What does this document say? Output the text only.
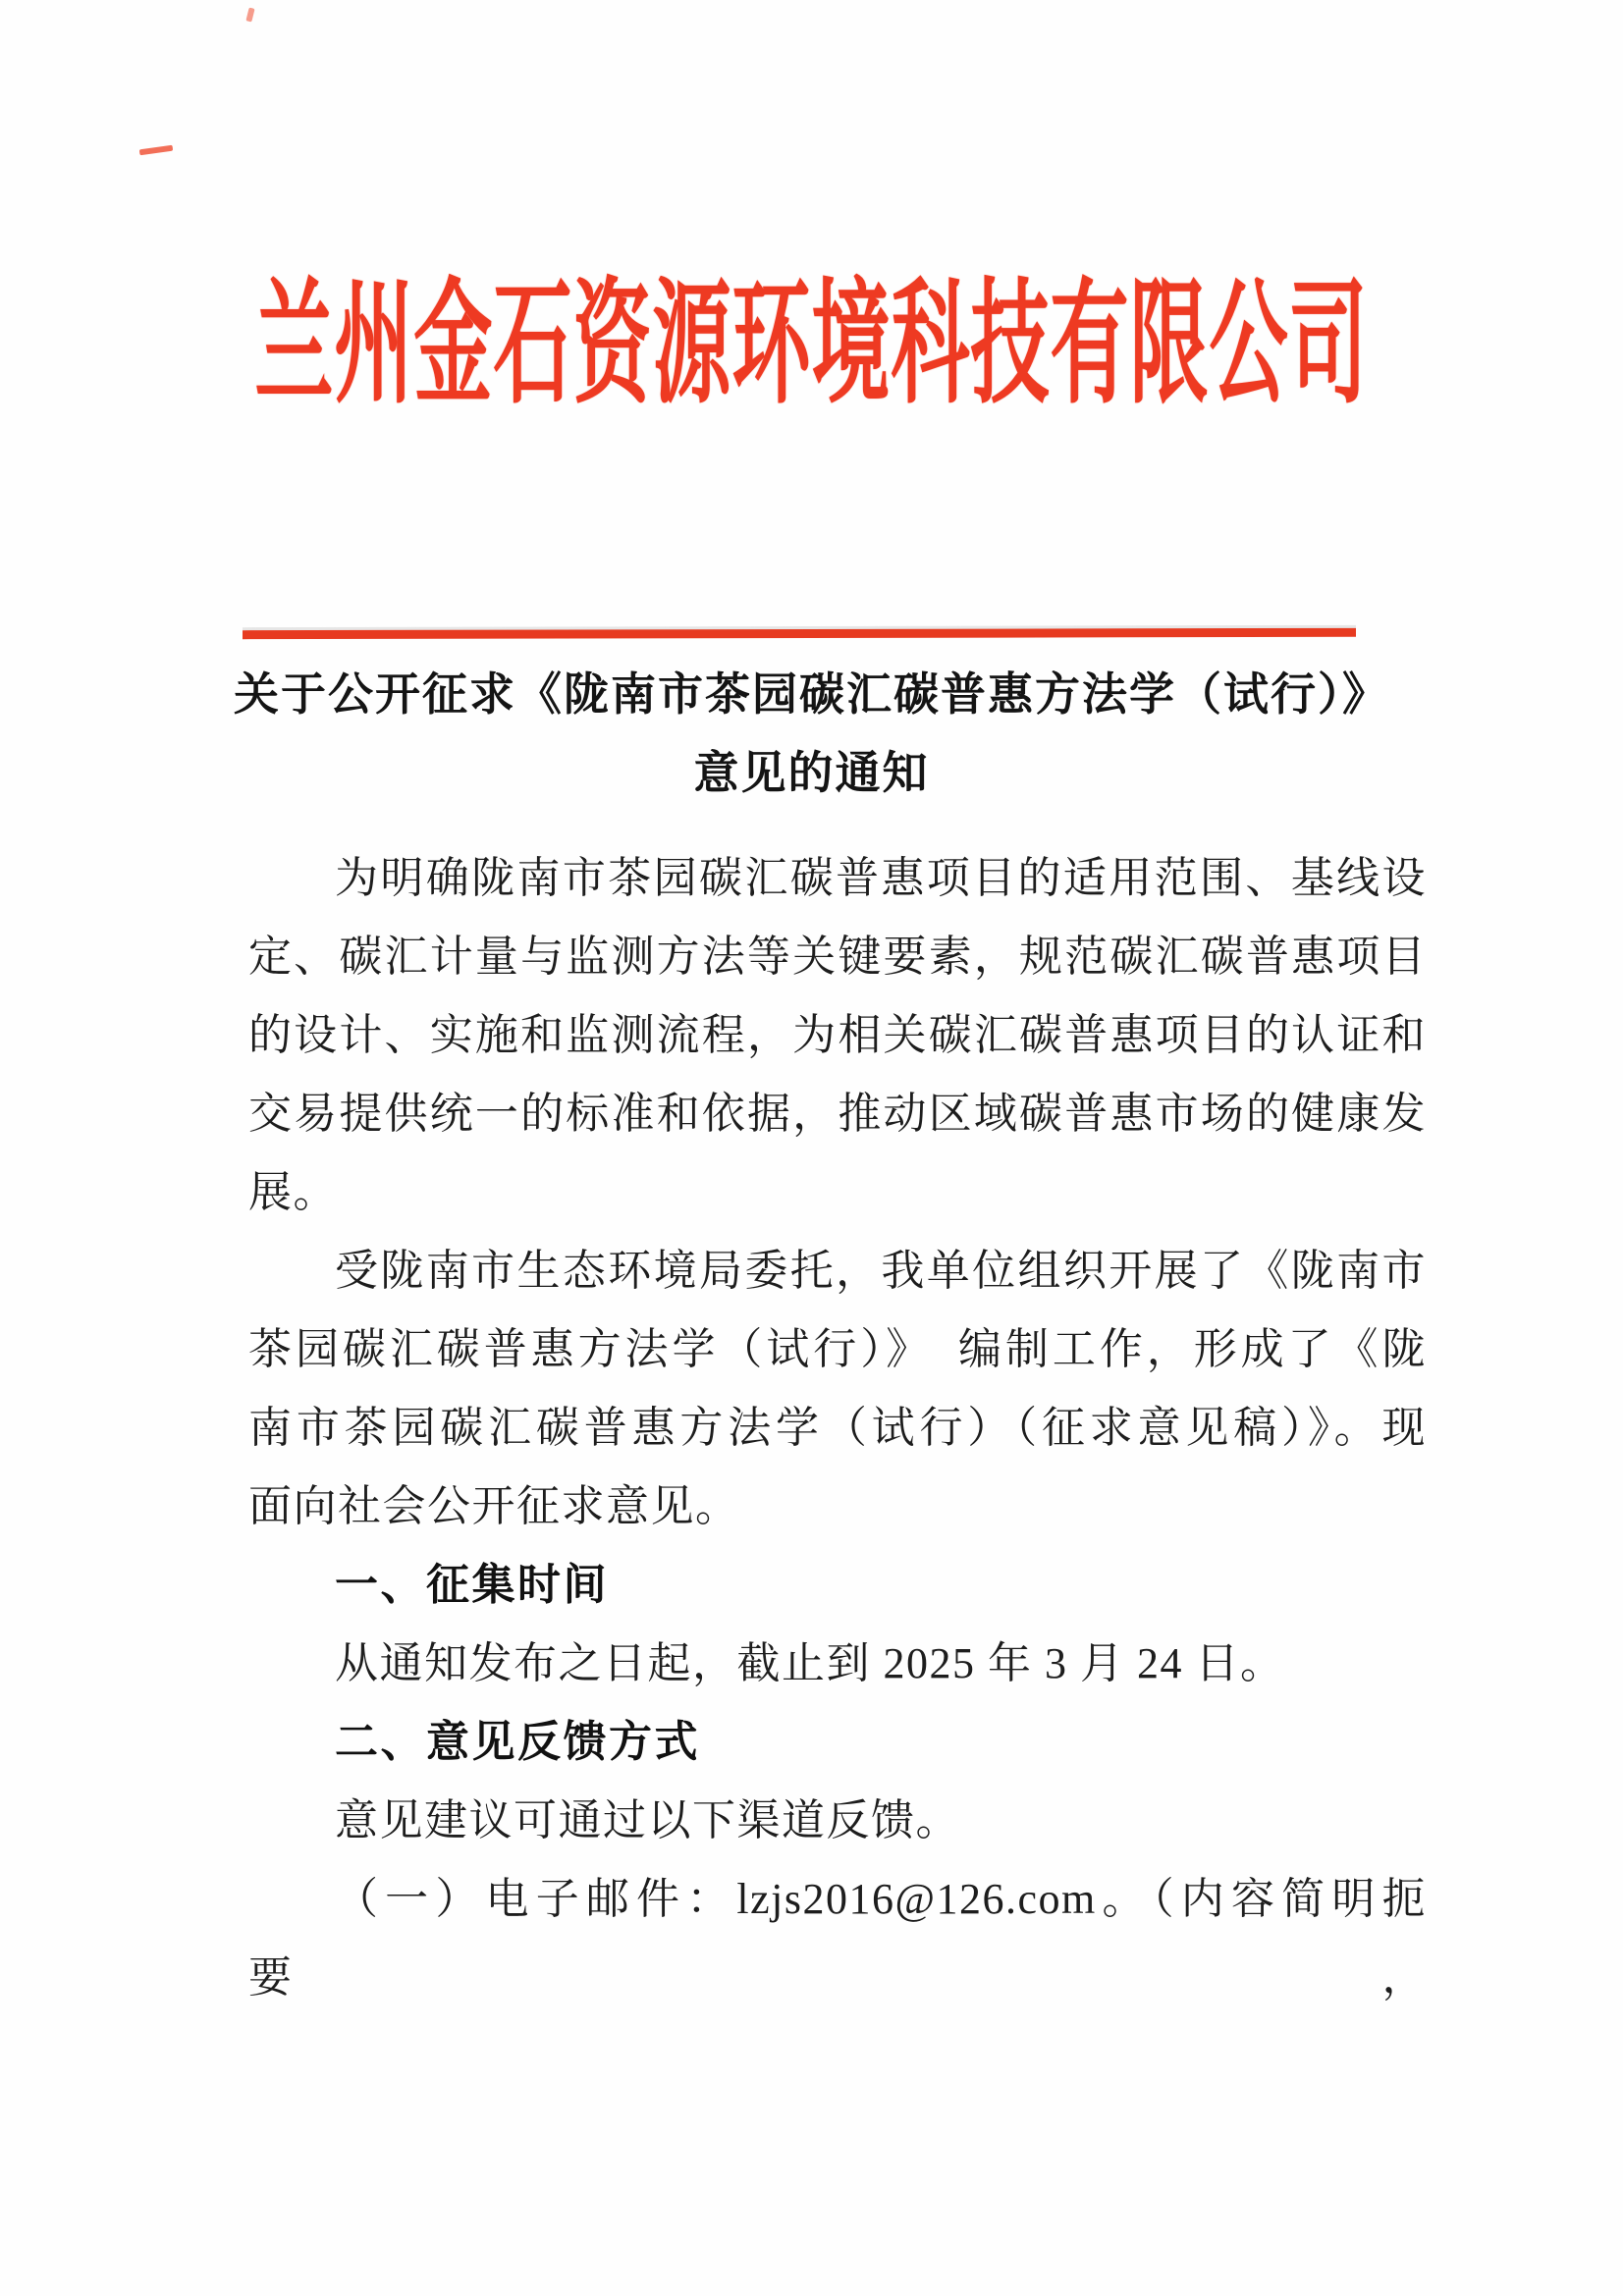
兰州金石资源环境科技有限公司
关于公开征求《陇南市茶园碳汇碳普惠方法学（试行）》
意见的通知
为明确陇南市茶园碳汇碳普惠项目的适用范围、基线设
定、碳汇计量与监测方法等关键要素，规范碳汇碳普惠项目
的设计、实施和监测流程，为相关碳汇碳普惠项目的认证和
交易提供统一的标准和依据，推动区域碳普惠市场的健康发
展。
受陇南市生态环境局委托，我单位组织开展了《陇南市
茶园碳汇碳普惠方法学（试行）》　编制工作，形成了《陇
南市茶园碳汇碳普惠方法学（试行）（征求意见稿）》。现
面向社会公开征求意见。
一、征集时间
从通知发布之日起，截止到 2025 年 3 月 24 日。
二、意见反馈方式
意见建议可通过以下渠道反馈。
（一）电子邮件：lzjs2016@126.com。（内容简明扼要，
